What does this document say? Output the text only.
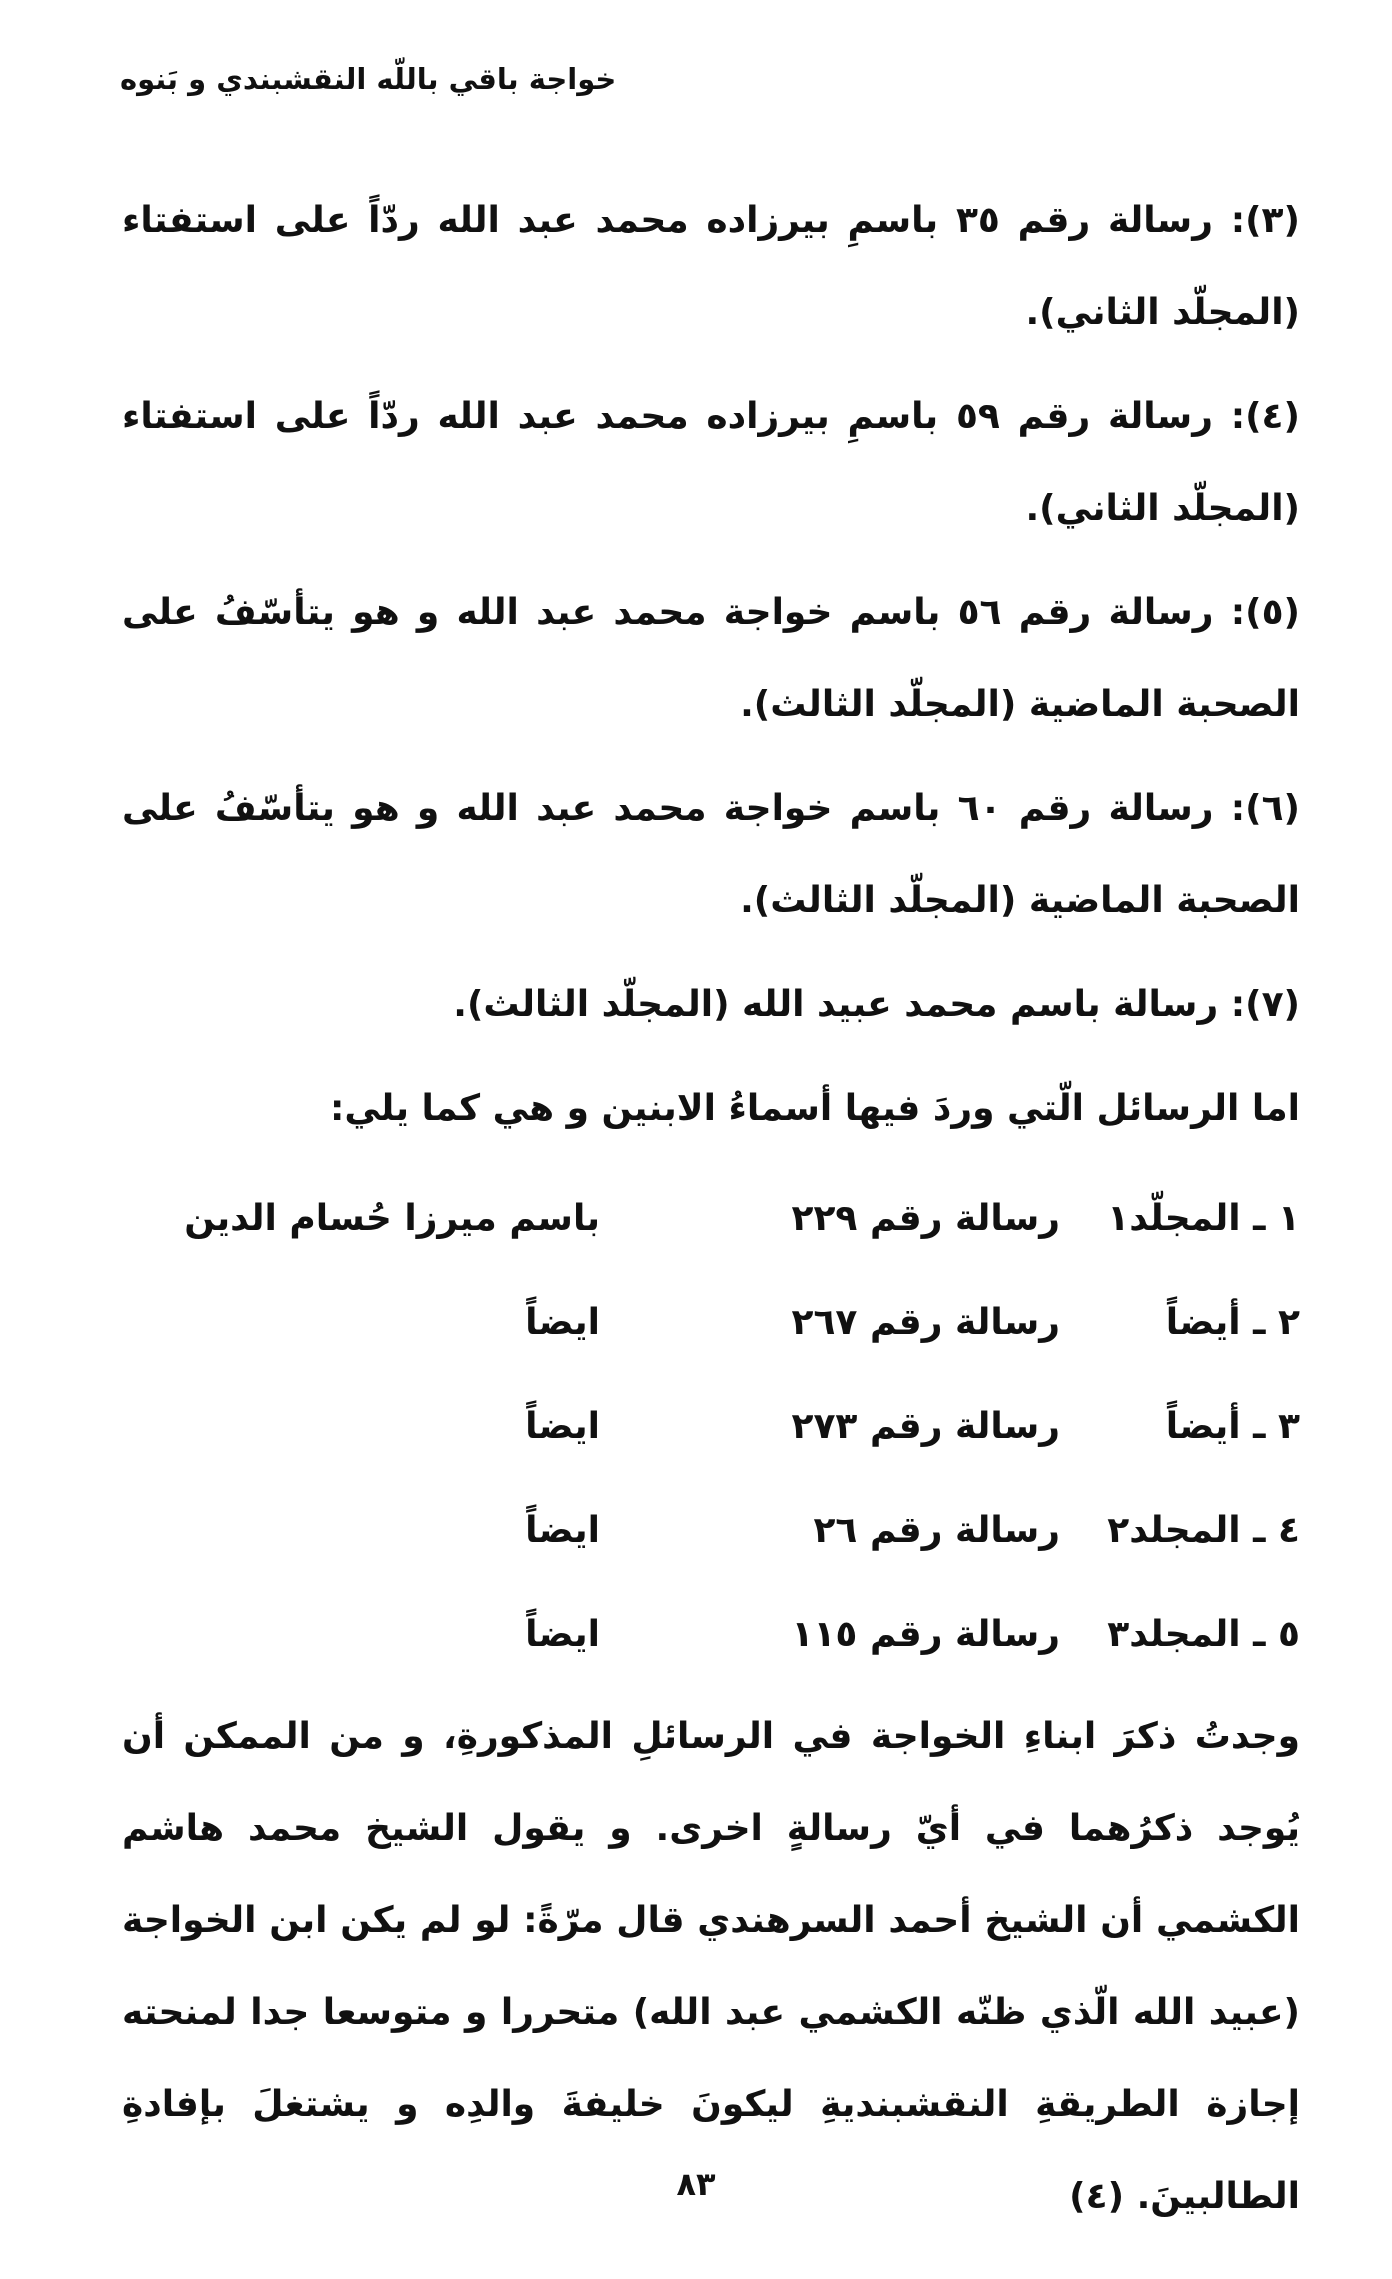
خواجة باقي باللّه النقشبندي و بَنوه

(٣): رسالة رقم ٣٥ باسمِ بيرزاده محمد عبد الله ردّاً على استفتاء (المجلّد الثاني).

(٤): رسالة رقم ٥٩ باسمِ بيرزاده محمد عبد الله ردّاً على استفتاء (المجلّد الثاني).

(٥): رسالة رقم ٥٦ باسم خواجة محمد عبد الله و هو يتأسّفُ على الصحبة الماضية (المجلّد الثالث).

(٦): رسالة رقم ٦٠ باسم خواجة محمد عبد الله و هو يتأسّفُ على الصحبة الماضية (المجلّد الثالث).

(٧): رسالة باسم محمد عبيد الله (المجلّد الثالث).

اما الرسائل الّتي وردَ فيها أسماءُ الابنين و هي كما يلي:

١ ـ المجلّد١	رسالة رقم ٢٢٩	باسم ميرزا حُسام الدين
٢ ـ أيضاً	رسالة رقم ٢٦٧	ايضاً
٣ ـ أيضاً	رسالة رقم ٢٧٣	ايضاً
٤ ـ المجلد٢	رسالة رقم ٢٦	ايضاً
٥ ـ المجلد٣	رسالة رقم ١١٥	ايضاً

وجدتُ ذكرَ ابناءِ الخواجة في الرسائلِ المذكورةِ، و من الممكن أن يُوجد ذكرُهما في أيّ رسالةٍ اخرى. و يقول الشيخ محمد هاشم الكشمي أن الشيخ أحمد السرهندي قال مرّةً: لو لم يكن ابن الخواجة (عبيد الله الّذي ظنّه الكشمي عبد الله) متحررا و متوسعا جدا لمنحته إجازة الطريقةِ النقشبنديةِ ليكونَ خليفةَ والدِه و يشتغلَ بإفادةِ الطالبينَ. (٤)

٨٣
